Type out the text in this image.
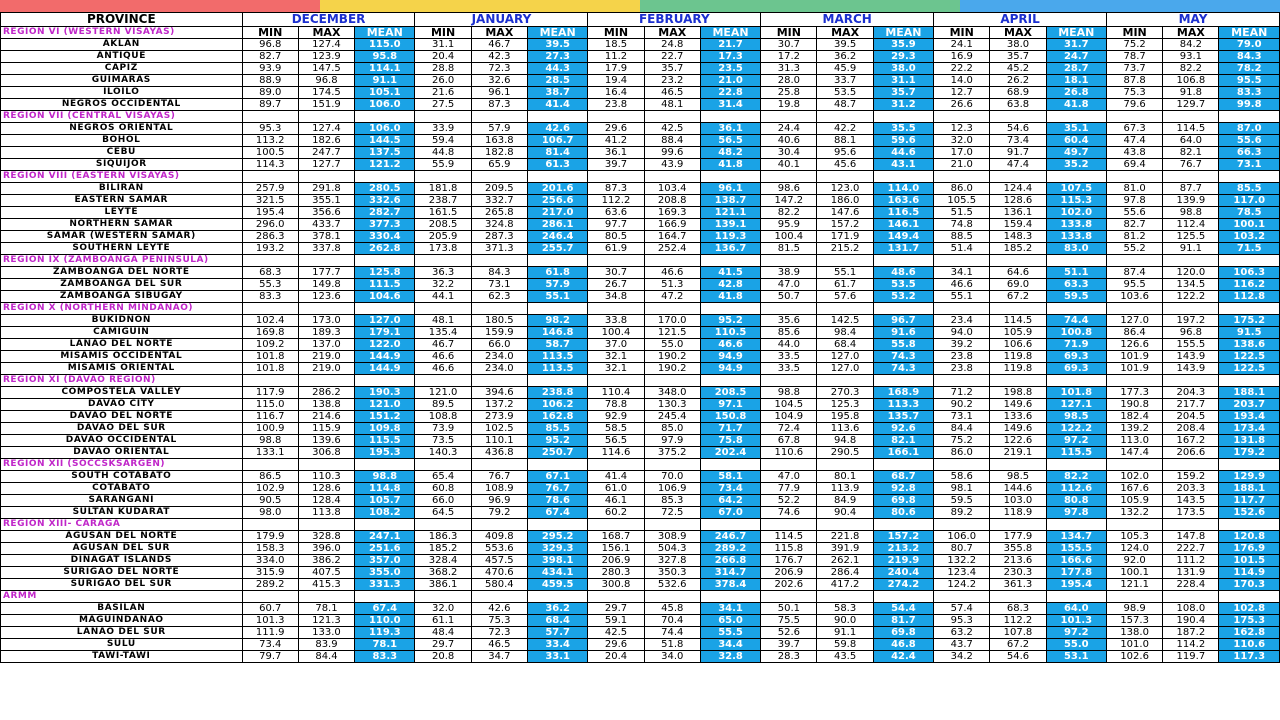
PROVINCE	DECEMBER			JANUARY			FEBRUARY			MARCH			APRIL			MAY		
REGION VI (WESTERN VISAYAS)	MIN	MAX	MEAN	MIN	MAX	MEAN	MIN	MAX	MEAN	MIN	MAX	MEAN	MIN	MAX	MEAN	MIN	MAX	MEAN
AKLAN	96.8	127.4	115.0	31.1	46.7	39.5	18.5	24.8	21.7	30.7	39.5	35.9	24.1	38.0	31.7	75.2	84.2	79.0
ANTIQUE	82.7	123.9	95.8	20.4	42.3	27.3	11.2	22.7	17.3	17.2	36.2	29.3	16.9	35.7	24.7	78.7	93.1	84.3
CAPIZ	93.9	147.5	114.1	28.8	72.3	44.3	17.9	35.7	23.5	31.3	45.9	38.0	22.2	45.2	28.7	73.7	82.2	78.2
GUIMARAS	88.9	96.8	91.1	26.0	32.6	28.5	19.4	23.2	21.0	28.0	33.7	31.1	14.0	26.2	18.1	87.8	106.8	95.5
ILOILO	89.0	174.5	105.1	21.6	96.1	38.7	16.4	46.5	22.8	25.8	53.5	35.7	12.7	68.9	26.8	75.3	91.8	83.3
NEGROS OCCIDENTAL	89.7	151.9	106.0	27.5	87.3	41.4	23.8	48.1	31.4	19.8	48.7	31.2	26.6	63.8	41.8	79.6	129.7	99.8
REGION VII (CENTRAL VISAYAS)																		
NEGROS ORIENTAL	95.3	127.4	106.0	33.9	57.9	42.6	29.6	42.5	36.1	24.4	42.2	35.5	12.3	54.6	35.1	67.3	114.5	87.0
BOHOL	113.2	182.6	144.5	59.4	163.8	106.7	41.2	88.4	56.5	40.6	88.1	59.6	32.0	73.4	60.4	47.4	64.0	55.6
CEBU	100.5	247.7	137.5	44.8	182.8	81.4	36.1	99.6	48.2	30.4	95.6	44.6	17.0	91.7	49.7	43.8	82.1	66.3
SIQUIJOR	114.3	127.7	121.2	55.9	65.9	61.3	39.7	43.9	41.8	40.1	45.6	43.1	21.0	47.4	35.2	69.4	76.7	73.1
REGION VIII (EASTERN VISAYAS)																		
BILIRAN	257.9	291.8	280.5	181.8	209.5	201.6	87.3	103.4	96.1	98.6	123.0	114.0	86.0	124.4	107.5	81.0	87.7	85.5
EASTERN SAMAR	321.5	355.1	332.6	238.7	332.7	256.6	112.2	208.8	138.7	147.2	186.0	163.6	105.5	128.6	115.3	97.8	139.9	117.0
LEYTE	195.4	356.6	282.7	161.5	265.8	217.0	63.6	169.3	121.1	82.2	147.6	116.5	51.5	136.1	102.0	55.6	98.8	78.5
NORTHERN SAMAR	296.0	433.7	377.3	208.5	324.8	286.1	97.7	166.9	139.1	95.9	157.2	146.1	74.8	159.4	133.8	82.7	112.4	100.1
SAMAR (WESTERN SAMAR)	286.3	378.1	330.4	205.9	287.3	246.4	80.5	164.7	119.3	100.4	171.9	149.4	88.5	148.3	133.8	81.2	125.5	103.2
SOUTHERN LEYTE	193.2	337.8	262.8	173.8	371.3	255.7	61.9	252.4	136.7	81.5	215.2	131.7	51.4	185.2	83.0	55.2	91.1	71.5
REGION IX (ZAMBOANGA PENINSULA)																		
ZAMBOANGA DEL NORTE	68.3	177.7	125.8	36.3	84.3	61.8	30.7	46.6	41.5	38.9	55.1	48.6	34.1	64.6	51.1	87.4	120.0	106.3
ZAMBOANGA DEL SUR	55.3	149.8	111.5	32.2	73.1	57.9	26.7	51.3	42.8	47.0	61.7	53.5	46.6	69.0	63.3	95.5	134.5	116.2
ZAMBOANGA SIBUGAY	83.3	123.6	104.6	44.1	62.3	55.1	34.8	47.2	41.8	50.7	57.6	53.2	55.1	67.2	59.5	103.6	122.2	112.8
REGION X (NORTHERN MINDANAO)																		
BUKIDNON	102.4	173.0	127.0	48.1	180.5	98.2	33.8	170.0	95.2	35.6	142.5	96.7	23.4	114.5	74.4	127.0	197.2	175.2
CAMIGUIN	169.8	189.3	179.1	135.4	159.9	146.8	100.4	121.5	110.5	85.6	98.4	91.6	94.0	105.9	100.8	86.4	96.8	91.5
LANAO DEL NORTE	109.2	137.0	122.0	46.7	66.0	58.7	37.0	55.0	46.6	44.0	68.4	55.8	39.2	106.6	71.9	126.6	155.5	138.6
MISAMIS OCCIDENTAL	101.8	219.0	144.9	46.6	234.0	113.5	32.1	190.2	94.9	33.5	127.0	74.3	23.8	119.8	69.3	101.9	143.9	122.5
MISAMIS ORIENTAL	101.8	219.0	144.9	46.6	234.0	113.5	32.1	190.2	94.9	33.5	127.0	74.3	23.8	119.8	69.3	101.9	143.9	122.5
REGION XI (DAVAO REGION)																		
COMPOSTELA VALLEY	117.9	286.2	190.3	121.0	394.6	238.8	110.4	348.0	208.5	98.8	270.3	168.9	71.2	198.8	101.8	177.3	204.3	188.1
DAVAO CITY	115.0	138.8	121.0	89.5	137.2	106.2	78.8	130.3	97.1	104.5	125.3	113.3	90.2	149.6	127.1	190.8	217.7	203.7
DAVAO DEL NORTE	116.7	214.6	151.2	108.8	273.9	162.8	92.9	245.4	150.8	104.9	195.8	135.7	73.1	133.6	98.5	182.4	204.5	193.4
DAVAO DEL SUR	100.9	115.9	109.8	73.9	102.5	85.5	58.5	85.0	71.7	72.4	113.6	92.6	84.4	149.6	122.2	139.2	208.4	173.4
DAVAO OCCIDENTAL	98.8	139.6	115.5	73.5	110.1	95.2	56.5	97.9	75.8	67.8	94.8	82.1	75.2	122.6	97.2	113.0	167.2	131.8
DAVAO ORIENTAL	133.1	306.8	195.3	140.3	436.8	250.7	114.6	375.2	202.4	110.6	290.5	166.1	86.0	219.1	115.5	147.4	206.6	179.2
REGION XII (SOCCSKSARGEN)																		
SOUTH COTABATO	86.5	110.3	98.8	65.4	76.7	67.1	41.4	70.0	58.1	47.0	80.1	68.7	58.6	98.5	82.2	102.0	159.2	129.9
COTABATO	102.9	128.6	114.8	60.8	108.9	76.7	61.0	106.9	73.4	77.9	113.9	92.8	98.1	144.6	112.6	167.6	203.3	188.1
SARANGANI	90.5	128.4	105.7	66.0	96.9	78.6	46.1	85.3	64.2	52.2	84.9	69.8	59.5	103.0	80.8	105.9	143.5	117.7
SULTAN KUDARAT	98.0	113.8	108.2	64.5	79.2	67.4	60.2	72.5	67.0	74.6	90.4	80.6	89.2	118.9	97.8	132.2	173.5	152.6
REGION XIII- CARAGA																		
AGUSAN DEL NORTE	179.9	328.8	247.1	186.3	409.8	295.2	168.7	308.9	246.7	114.5	221.8	157.2	106.0	177.9	134.7	105.3	147.8	120.8
AGUSAN DEL SUR	158.3	396.0	251.6	185.2	553.6	329.3	156.1	504.3	289.2	115.8	391.9	213.2	80.7	355.8	155.5	124.0	222.7	176.9
DINAGAT ISLANDS	334.0	386.2	357.0	328.4	457.5	398.1	206.9	327.8	266.8	176.7	262.1	219.9	132.2	213.6	166.6	92.0	111.2	101.5
SURIGAO DEL NORTE	315.9	407.5	355.0	368.2	470.6	434.1	280.3	350.3	314.7	206.9	286.4	240.4	123.4	230.3	177.8	100.1	131.9	114.9
SURIGAO DEL SUR	289.2	415.3	331.3	386.1	580.4	459.5	300.8	532.6	378.4	202.6	417.2	274.2	124.2	361.3	195.4	121.1	228.4	170.3
ARMM																		
BASILAN	60.7	78.1	67.4	32.0	42.6	36.2	29.7	45.8	34.1	50.1	58.3	54.4	57.4	68.3	64.0	98.9	108.0	102.8
MAGUINDANAO	101.3	121.3	110.0	61.1	75.3	68.4	59.1	70.4	65.0	75.5	90.0	81.7	95.3	112.2	101.3	157.3	190.4	175.3
LANAO DEL SUR	111.9	133.0	119.3	48.4	72.3	57.7	42.5	74.4	55.5	52.6	91.1	69.8	63.2	107.8	97.2	138.0	187.2	162.8
SULU	73.4	83.9	78.1	29.7	46.5	33.4	29.6	51.8	34.4	39.7	59.8	46.8	43.7	67.2	55.0	101.0	114.2	110.6
TAWI-TAWI	79.7	84.4	83.3	20.8	34.7	33.1	20.4	34.0	32.8	28.3	43.5	42.4	34.2	54.6	53.1	102.6	119.7	117.3
